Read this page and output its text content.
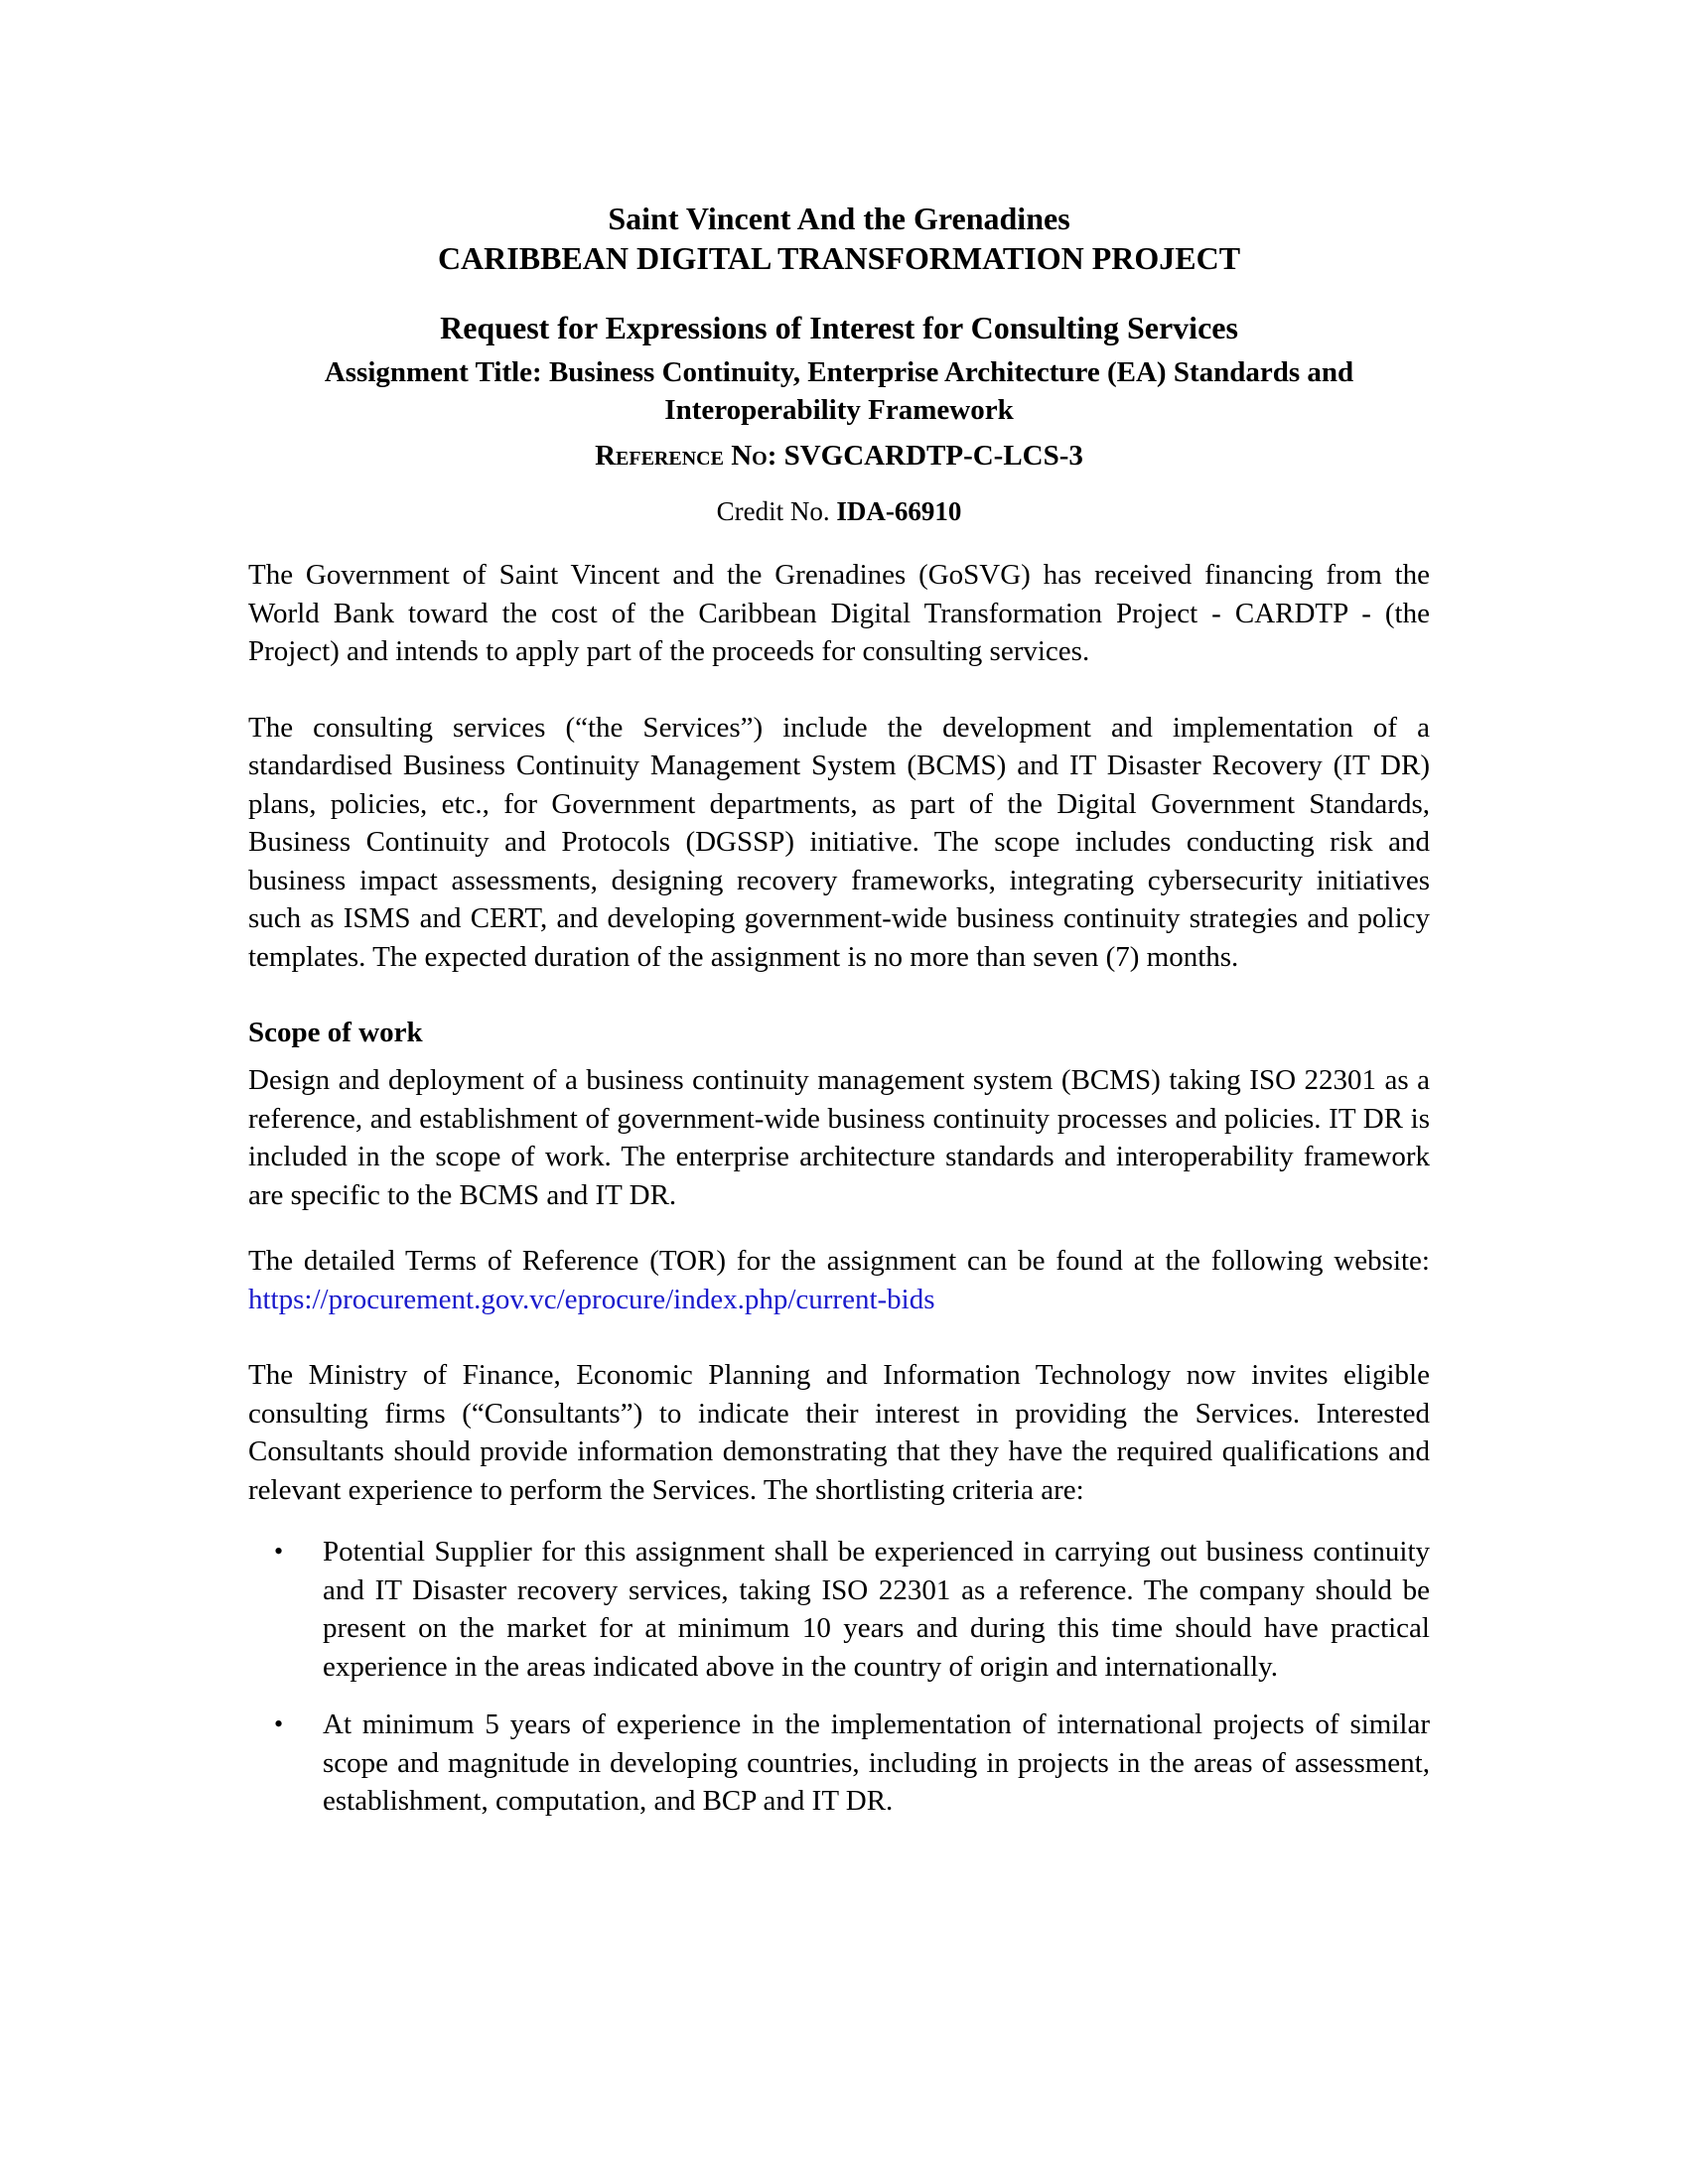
Saint Vincent And the Grenadines
CARIBBEAN DIGITAL TRANSFORMATION PROJECT
Request for Expressions of Interest for Consulting Services
Assignment Title: Business Continuity, Enterprise Architecture (EA) Standards and
Interoperability Framework
Reference No: SVGCARDTP-C-LCS-3
Credit No. IDA-66910

The Government of Saint Vincent and the Grenadines (GoSVG) has received financing from the World Bank toward the cost of the Caribbean Digital Transformation Project - CARDTP - (the Project) and intends to apply part of the proceeds for consulting services.

The consulting services (“the Services”) include the development and implementation of a standardised Business Continuity Management System (BCMS) and IT Disaster Recovery (IT DR) plans, policies, etc., for Government departments, as part of the Digital Government Standards, Business Continuity and Protocols (DGSSP) initiative. The scope includes conducting risk and business impact assessments, designing recovery frameworks, integrating cybersecurity initiatives such as ISMS and CERT, and developing government-wide business continuity strategies and policy templates. The expected duration of the assignment is no more than seven (7) months.

Scope of work

Design and deployment of a business continuity management system (BCMS) taking ISO 22301 as a reference, and establishment of government-wide business continuity processes and policies. IT DR is included in the scope of work. The enterprise architecture standards and interoperability framework are specific to the BCMS and IT DR.

The detailed Terms of Reference (TOR) for the assignment can be found at the following website: https://procurement.gov.vc/eprocure/index.php/current-bids

The Ministry of Finance, Economic Planning and Information Technology now invites eligible consulting firms (“Consultants”) to indicate their interest in providing the Services. Interested Consultants should provide information demonstrating that they have the required qualifications and relevant experience to perform the Services. The shortlisting criteria are:

• Potential Supplier for this assignment shall be experienced in carrying out business continuity and IT Disaster recovery services, taking ISO 22301 as a reference. The company should be present on the market for at minimum 10 years and during this time should have practical experience in the areas indicated above in the country of origin and internationally.
• At minimum 5 years of experience in the implementation of international projects of similar scope and magnitude in developing countries, including in projects in the areas of assessment, establishment, computation, and BCP and IT DR.
